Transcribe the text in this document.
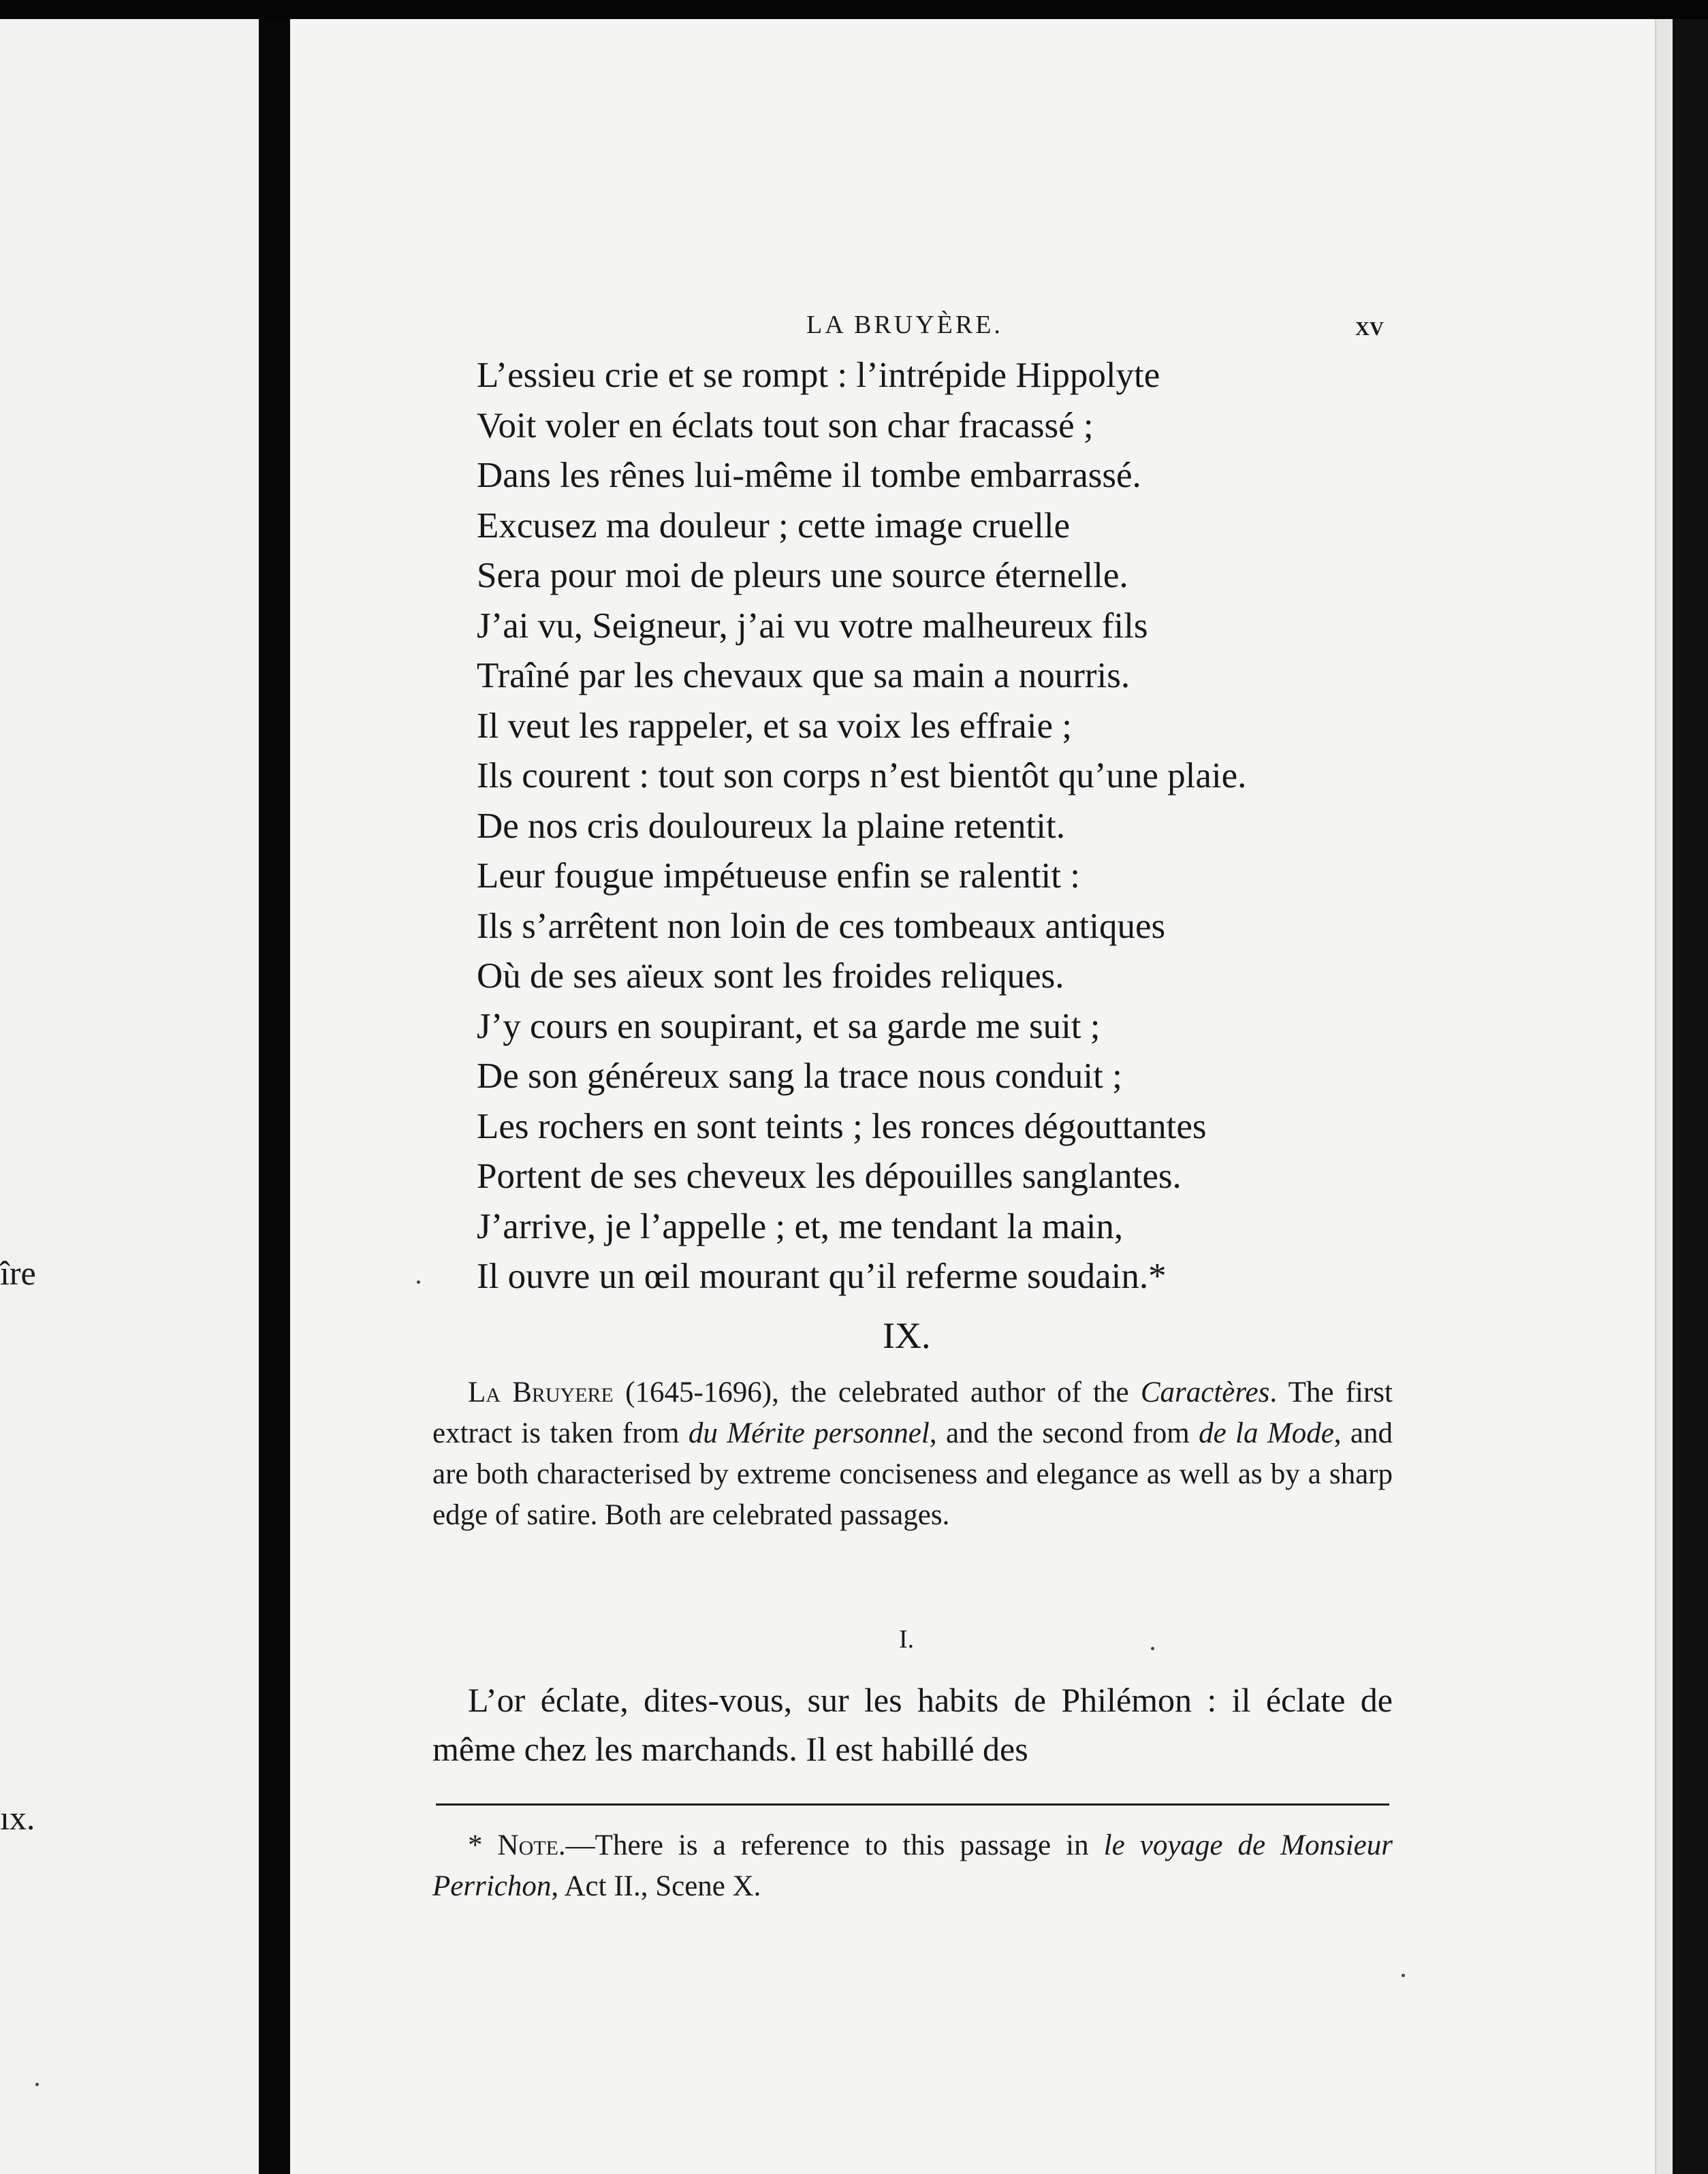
îre
ıx.
LA BRUYÈRE.	xv
L’essieu crie et se rompt : l’intrépide Hippolyte
Voit voler en éclats tout son char fracassé ;
Dans les rênes lui-même il tombe embarrassé.
Excusez ma douleur ; cette image cruelle
Sera pour moi de pleurs une source éternelle.
J’ai vu, Seigneur, j’ai vu votre malheureux fils
Traîné par les chevaux que sa main a nourris.
Il veut les rappeler, et sa voix les effraie ;
Ils courent : tout son corps n’est bientôt qu’une plaie.
De nos cris douloureux la plaine retentit.
Leur fougue impétueuse enfin se ralentit :
Ils s’arrêtent non loin de ces tombeaux antiques
Où de ses aïeux sont les froides reliques.
J’y cours en soupirant, et sa garde me suit ;
De son généreux sang la trace nous conduit ;
Les rochers en sont teints ; les ronces dégouttantes
Portent de ses cheveux les dépouilles sanglantes.
J’arrive, je l’appelle ; et, me tendant la main,
Il ouvre un œil mourant qu’il referme soudain.*
IX.

La Bruyere (1645-1696), the celebrated author of the Caractères. The first extract is taken from du Mérite personnel, and the second from de la Mode, and are both characterised by extreme conciseness and elegance as well as by a sharp edge of satire. Both are celebrated passages.

I.

L’or éclate, dites-vous, sur les habits de Philémon : il éclate de même chez les marchands. Il est habillé des

* Note.—There is a reference to this passage in le voyage de Monsieur Perrichon, Act II., Scene X.
